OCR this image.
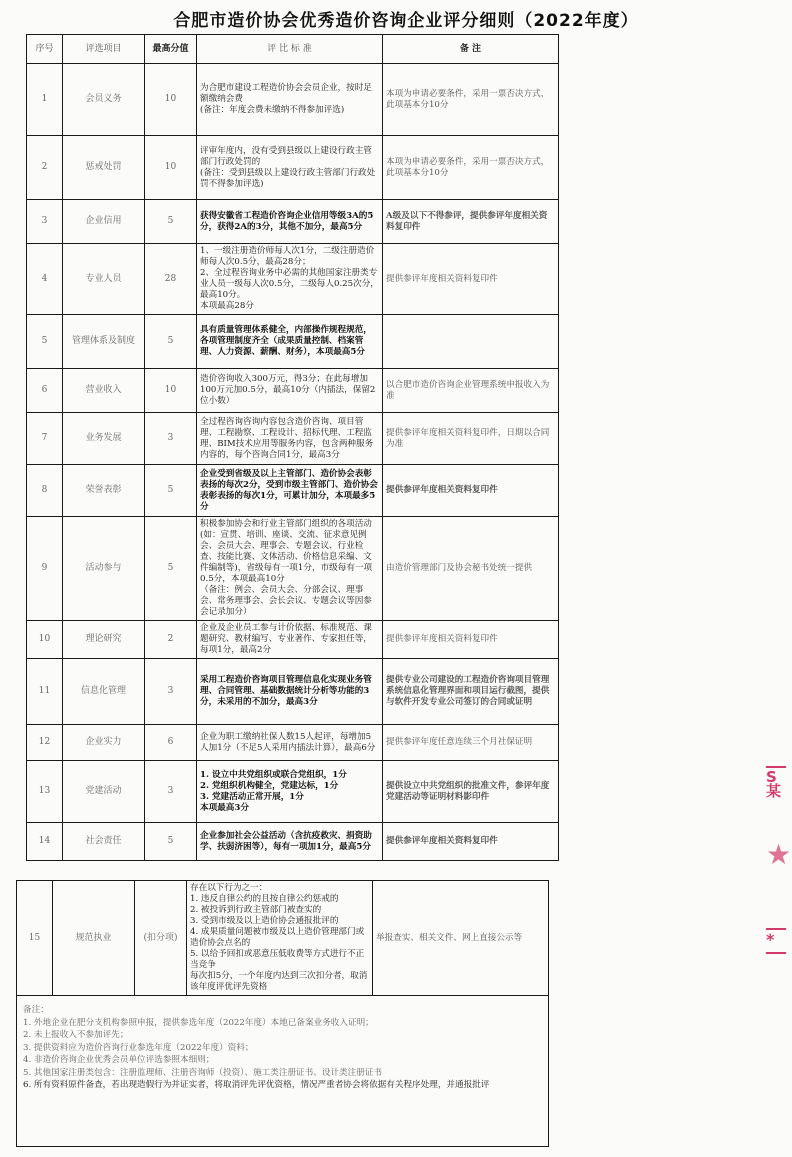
合肥市造价协会优秀造价咨询企业评分细则（2022年度）
序号	评选项目	最高分值	评 比 标 准	备 注
1	会员义务	10	为合肥市建设工程造价协会会员企业，按时足额缴纳会费
(备注：年度会费未缴纳不得参加评选)	本项为申请必要条件，采用一票否决方式，此项基本分10分
2	惩戒处罚	10	评审年度内，没有受到县级以上建设行政主管部门行政处罚的
(备注：受到县级以上建设行政主管部门行政处罚不得参加评选)	本项为申请必要条件，采用一票否决方式，此项基本分10分
3	企业信用	5	获得安徽省工程造价咨询企业信用等级3A的5分，获得2A的3分，其他不加分，最高5分	A级及以下不得参评，提供参评年度相关资料复印件
4	专业人员	28	1、一级注册造价师每人次1分，二级注册造价师每人次0.5分，最高28分；
2、全过程咨询业务中必需的其他国家注册类专业人员一级每人次0.5分，二级每人0.25次分，最高10分。
本项最高28分	提供参评年度相关资料复印件
5	管理体系及制度	5	具有质量管理体系健全，内部操作规程规范，各项管理制度齐全（成果质量控制、档案管理、人力资源、薪酬、财务），本项最高5分	
6	营业收入	10	造价咨询收入300万元，得3分；在此每增加100万元加0.5分，最高10分（内插法，保留2位小数）	以合肥市造价咨询企业管理系统申报收入为准
7	业务发展	3	全过程咨询咨询内容包含造价咨询、项目管理、工程勘察、工程设计、招标代理、工程监理、BIM技术应用等服务内容，包含两种服务内容的，每个咨询合同1分，最高3分	提供参评年度相关资料复印件，日期以合同为准
8	荣誉表彰	5	企业受到省级及以上主管部门、造价协会表彰表扬的每次2分，受到市级主管部门、造价协会表彰表扬的每次1分，可累计加分，本项最多5分	提供参评年度相关资料复印件
9	活动参与	5	积极参加协会和行业主管部门组织的各项活动(如：宣贯、培训、座谈、交流、征求意见例会、会员大会、理事会、专题会议、行业检查、技能比赛、文体活动、价格信息采编、文件编制等)，省级每有一项1分，市级每有一项0.5分，本项最高10分
（备注：例会、会员大会、分部会议、理事会、常务理事会、会长会议、专题会议等因参会记录加分）	由造价管理部门及协会秘书处统一提供
10	理论研究	2	企业及企业员工参与计价依据、标准规范、课题研究、教材编写、专业著作、专家担任等，每项1分，最高2分	提供参评年度相关资料复印件
11	信息化管理	3	采用工程造价咨询项目管理信息化实现业务管理、合同管理、基础数据统计分析等功能的3分，未采用的不加分，最高3分	提供专业公司建设的工程造价咨询项目管理系统信息化管理界面和项目运行截图，提供与软件开发专业公司签订的合同或证明
12	企业实力	6	企业为职工缴纳社保人数15人起评，每增加5人加1分（不足5人采用内插法计算），最高6分	提供参评年度任意连续三个月社保证明
13	党建活动	3	1. 设立中共党组织或联合党组织，1分
2. 党组织机构健全，党建达标，1分
3. 党建活动正常开展，1分
本项最高3分	提供设立中共党组织的批准文件，参评年度党建活动等证明材料影印件
14	社会责任	5	企业参加社会公益活动（含抗疫救灾、捐资助学、扶弱济困等），每有一项加1分，最高5分	提供参评年度相关资料复印件
15	规范执业	(扣分项)	
存在以下行为之一：
1. 违反自律公约的且按自律公约惩戒的
2. 被投诉到行政主管部门被查实的
3. 受到市级及以上造价协会通报批评的
4. 成果质量问题被市级及以上造价管理部门或造价协会点名的
5. 以给予回扣或恶意压低收费等方式进行不正当竞争
每次扣5分，一个年度内达到三次扣分者，取消该年度评优评先资格
	举报查实、相关文件、网上直接公示等

备注：
1. 外地企业在肥分支机构参照申报，提供参选年度（2022年度）本地已备案业务收入证明；
2. 未上报收入不参加评先；
3. 提供资料应为造价咨询行业参选年度（2022年度）资料；
4. 非造价咨询企业优秀会员单位评选参照本细则；
5. 其他国家注册类包含：注册监理师、注册咨询师（投资）、施工类注册证书、设计类注册证书
6. 所有资料原件备查，若出现造假行为并证实者，将取消评先评优资格，情况严重者协会将依据有关程序处理，并通报批评
S
某
★
*
